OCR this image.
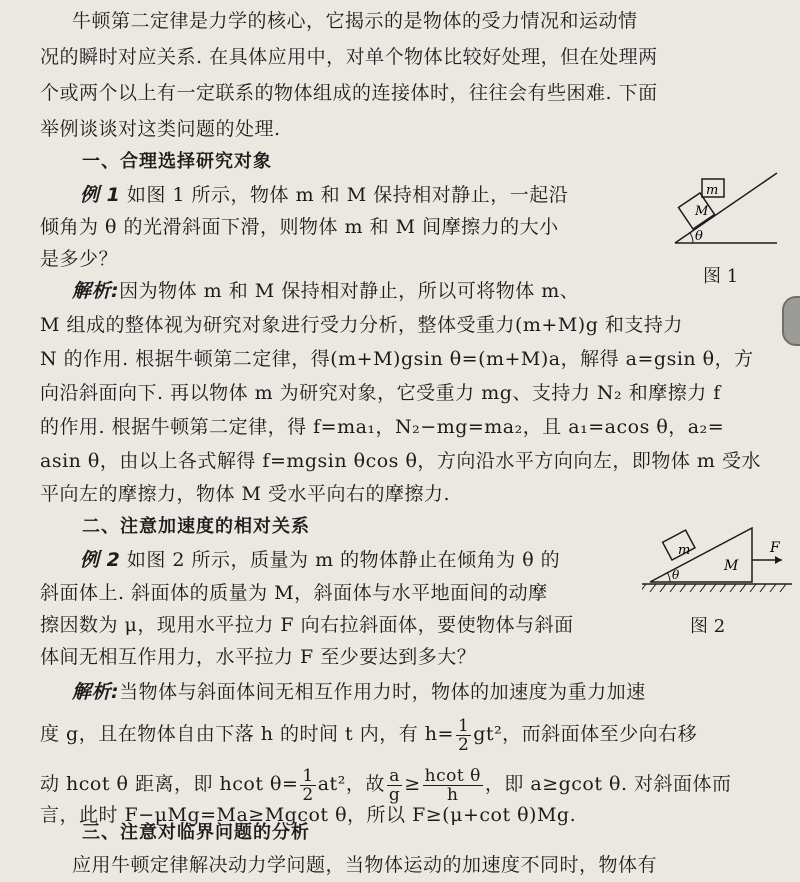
牛顿第二定律是力学的核心，它揭示的是物体的受力情况和运动情
况的瞬时对应关系. 在具体应用中，对单个物体比较好处理，但在处理两
个或两个以上有一定联系的物体组成的连接体时，往往会有些困难. 下面
举例谈谈对这类问题的处理.
一、合理选择研究对象
例 1 如图 1 所示，物体 m 和 M 保持相对静止，一起沿
倾角为 θ 的光滑斜面下滑，则物体 m 和 M 间摩擦力的大小
是多少？
m
M
θ
图 1
解析:因为物体 m 和 M 保持相对静止，所以可将物体 m、
M 组成的整体视为研究对象进行受力分析，整体受重力(m+M)g 和支持力
N 的作用. 根据牛顿第二定律，得(m+M)gsin θ=(m+M)a，解得 a=gsin θ，方
向沿斜面向下. 再以物体 m 为研究对象，它受重力 mg、支持力 N₂ 和摩擦力 f
的作用. 根据牛顿第二定律，得 f=ma₁，N₂−mg=ma₂，且 a₁=acos θ，a₂=
asin θ，由以上各式解得 f=mgsin θcos θ，方向沿水平方向向左，即物体 m 受水
平向左的摩擦力，物体 M 受水平向右的摩擦力.
二、注意加速度的相对关系
例 2 如图 2 所示，质量为 m 的物体静止在倾角为 θ 的
斜面体上. 斜面体的质量为 M，斜面体与水平地面间的动摩
擦因数为 μ，现用水平拉力 F 向右拉斜面体，要使物体与斜面
体间无相互作用力，水平拉力 F 至少要达到多大？
m
M
F
θ
图 2
解析:当物体与斜面体间无相互作用力时，物体的加速度为重力加速
度 g，且在物体自由下落 h 的时间 t 内，有 $h= \frac{1}{2} gt^2$，而斜面体至少向右移
动 hcot θ 距离，即 hcot $\theta= \frac{1}{2} at^2$，故 $\frac{a}{g} \ge \frac{\text{hcot θ}}{h}$ ，即 a≥gcot θ. 对斜面体而
言，此时 F−μMg=Ma≥Mgcot θ，所以 F≥(μ+cot θ)Mg.
三、注意对临界问题的分析
应用牛顿定律解决动力学问题，当物体运动的加速度不同时，物体有
